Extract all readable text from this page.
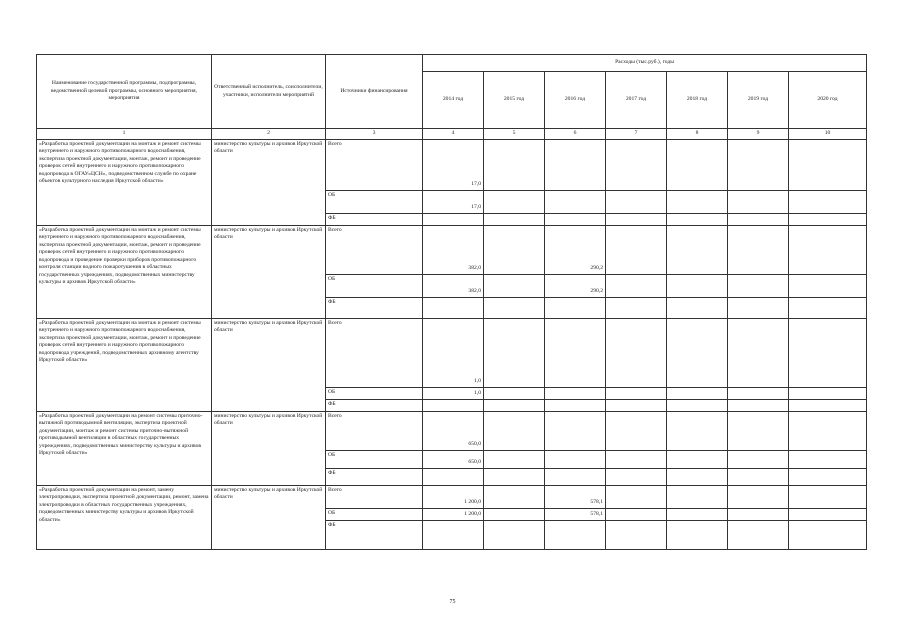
Наименование государственной программы, подпрограммы, ведомственной целевой программы, основного мероприятия, мероприятия	Ответственный исполнитель, соисполнители, участники, исполнители мероприятий	Источники финансирования	Расходы (тыс.руб.), годы						
			2014 год	2015 год	2016 год	2017 год	2018 год	2019 год	2020 год
1	2	3	4	5	6	7	8	9	10
«Разработка проектной документации на монтаж и ремонт системы внутреннего и наружного противопожарного водоснабжения, экспертиза проектной документации, монтаж, ремонт и проведение проверок сетей внутреннего и наружного противопожарного водопровода в ОГАУ«ЦСН», подведомственном службе по охране объектов культурного наследия Иркутской области»	министерство культуры и архивов Иркутской области	Всего	17,0						
		ОБ	17,0						
		ФБ							
«Разработка проектной документации на монтаж и ремонт системы внутреннего и наружного противопожарного водоснабжения, экспертиза проектной документации, монтаж, ремонт и проведение проверок сетей внутреннего и наружного противопожарного водопровода и проведение проверки приборов противопожарного контроля станции водного пожаротушения в областных государственных учреждениях, подведомственных министерству культуры и архивов Иркутской области»	министерство культуры и архивов Иркутской области	Всего	382,0		290,2				
		ОБ	382,0		290,2				
		ФБ							
«Разработка проектной документации на монтаж и ремонт системы внутреннего и наружного противопожарного водоснабжения, экспертиза проектной документации, монтаж, ремонт и проведение проверок сетей внутреннего и наружного противопожарного водопровода учреждений, подведомственных архивному агентству Иркутской области»	министерство культуры и архивов Иркутской области	Всего	1,0						
		ОБ	1,0						
		ФБ							
«Разработка проектной документации на ремонт системы приточно-вытяжной противодымной вентиляции, экспертиза проектной документации, монтаж и ремонт системы приточно-вытяжной противодымной вентиляции в областных государственных учреждениях, подведомственных министерству культуры и архивов Иркутской области»	министерство культуры и архивов Иркутской области	Всего	650,0						
		ОБ	650,0						
		ФБ							
«Разработка проектной документации на ремонт, замену электропроводки, экспертиза проектной документации, ремонт, замена электропроводки в областных государственных учреждениях, подведомственных министерству культуры и архивов Иркутской области»	министерство культуры и архивов Иркутской области	Всего	1 200,0		578,1				
		ОБ	1 200,0		578,1				
		ФБ							
75
